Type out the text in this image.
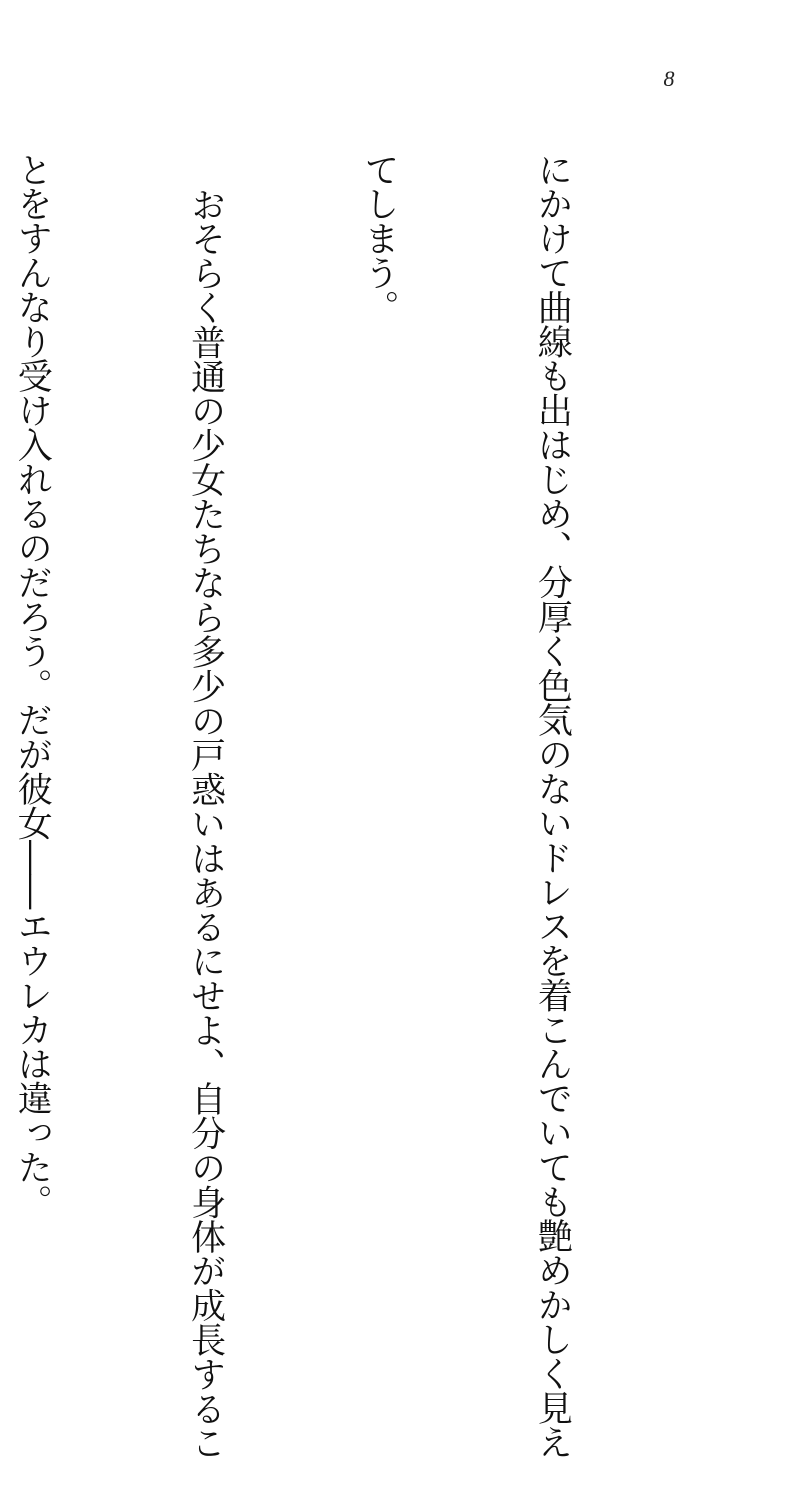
8

にかけて曲線も出はじめ、分厚く色気のないドレスを着こんでいても艶めかしく見え

てしまう。

おそらく普通の少女たちなら多少の戸惑いはあるにせよ、自分の身体が成長するこ

とをすんなり受け入れるのだろう。だが彼女――エウレカは違った。
